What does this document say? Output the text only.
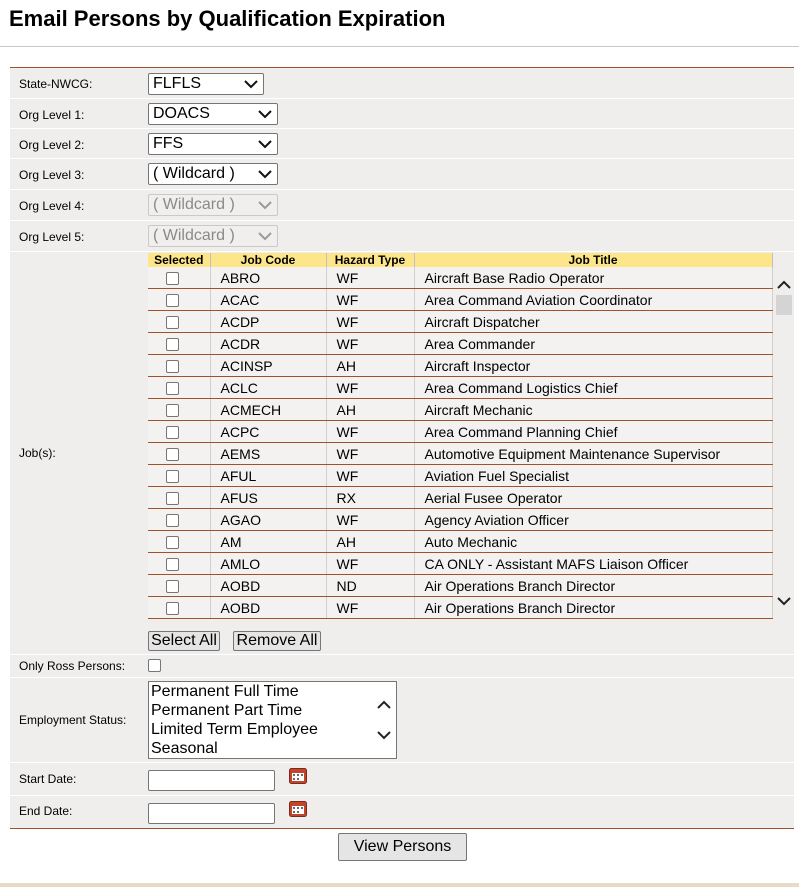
Email Persons by Qualification Expiration
State-NWCG:	FLFLS
Org Level 1:	DOACS
Org Level 2:	FFS
Org Level 3:	( Wildcard )
Org Level 4:	( Wildcard )
Org Level 5:	( Wildcard )
Job(s):
Selected	Job Code	Hazard Type	Job Title
	ABRO	WF	Aircraft Base Radio Operator
	ACAC	WF	Area Command Aviation Coordinator
	ACDP	WF	Aircraft Dispatcher
	ACDR	WF	Area Commander
	ACINSP	AH	Aircraft Inspector
	ACLC	WF	Area Command Logistics Chief
	ACMECH	AH	Aircraft Mechanic
	ACPC	WF	Area Command Planning Chief
	AEMS	WF	Automotive Equipment Maintenance Supervisor
	AFUL	WF	Aviation Fuel Specialist
	AFUS	RX	Aerial Fusee Operator
	AGAO	WF	Agency Aviation Officer
	AM	AH	Auto Mechanic
	AMLO	WF	CA ONLY - Assistant MAFS Liaison Officer
	AOBD	ND	Air Operations Branch Director
	AOBD	WF	Air Operations Branch Director
Select All Remove All
Only Ross Persons:
Employment Status:
Permanent Full Time
Permanent Part Time
Limited Term Employee
Seasonal
Start Date:
End Date:
View Persons
